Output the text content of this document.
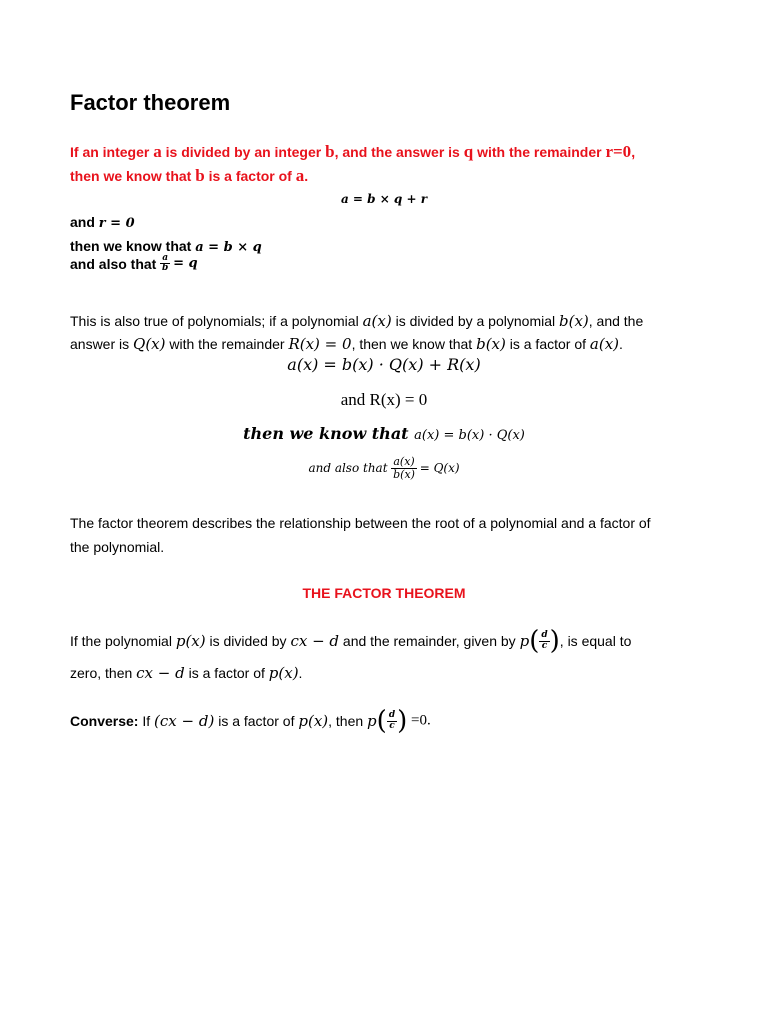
Factor theorem
If an integer a is divided by an integer b, and the answer is q with the remainder r=0,
then we know that b is a factor of a.
a = b × q + r
and r = 0
then we know that a = b × q
and also that $\frac{a}{b} = q$
This is also true of polynomials; if a polynomial a(x) is divided by a polynomial b(x), and the
answer is Q(x) with the remainder R(x) = 0, then we know that b(x) is a factor of a(x).
a(x) = b(x) · Q(x) + R(x)
and R(x) = 0
then we know that a(x) = b(x) · Q(x)
and also that $\frac{a(x)}{b(x)} = Q(x)$
The factor theorem describes the relationship between the root of a polynomial and a factor of
the polynomial.
THE FACTOR THEOREM
If the polynomial p(x) is divided by cx − d and the remainder, given by $p( \frac{d}{c}$ ), is equal to
zero, then cx − d is a factor of p(x).
Converse: If (cx − d) is a factor of p(x), then $p( \frac{d}{c}$ ) =0.
